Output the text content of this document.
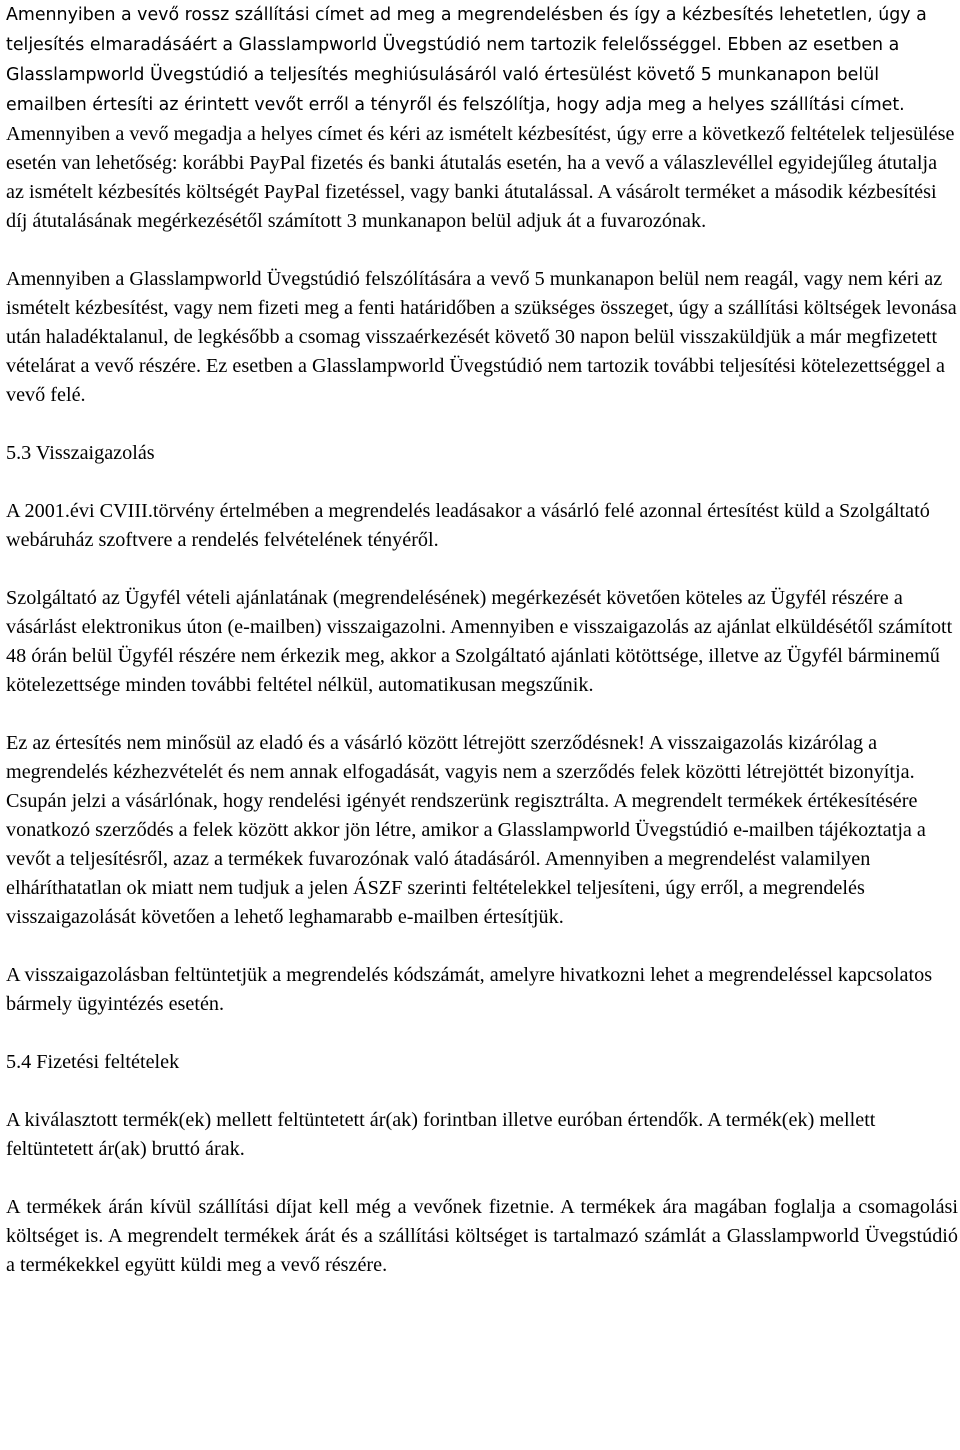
Amennyiben a vevő rossz szállítási címet ad meg a megrendelésben és így a kézbesítés lehetetlen, úgy a teljesítés elmaradásáért a Glasslampworld Üvegstúdió nem tartozik felelősséggel. Ebben az esetben a Glasslampworld Üvegstúdió a teljesítés meghiúsulásáról való értesülést követő 5 munkanapon belül emailben értesíti az érintett vevőt erről a tényről és felszólítja, hogy adja meg a helyes szállítási címet. Amennyiben a vevő megadja a helyes címet és kéri az ismételt kézbesítést, úgy erre a következő feltételek teljesülése esetén van lehetőség: korábbi PayPal fizetés és banki átutalás esetén, ha a vevő a válaszlevéllel egyidejűleg átutalja az ismételt kézbesítés költségét PayPal fizetéssel, vagy banki átutalással. A vásárolt terméket a második kézbesítési díj átutalásának megérkezésétől számított 3 munkanapon belül adjuk át a fuvarozónak.

Amennyiben a Glasslampworld Üvegstúdió felszólítására a vevő 5 munkanapon belül nem reagál, vagy nem kéri az ismételt kézbesítést, vagy nem fizeti meg a fenti határidőben a szükséges összeget, úgy a szállítási költségek levonása után haladéktalanul, de legkésőbb a csomag visszaérkezését követő 30 napon belül visszaküldjük a már megfizetett vételárat a vevő részére. Ez esetben a Glasslampworld Üvegstúdió nem tartozik további teljesítési kötelezettséggel a vevő felé.

5.3 Visszaigazolás

A 2001.évi CVIII.törvény értelmében a megrendelés leadásakor a vásárló felé azonnal értesítést küld a Szolgáltató webáruház szoftvere a rendelés felvételének tényéről.

Szolgáltató az Ügyfél vételi ajánlatának (megrendelésének) megérkezését követően köteles az Ügyfél részére a vásárlást elektronikus úton (e-mailben) visszaigazolni. Amennyiben e visszaigazolás az ajánlat elküldésétől számított 48 órán belül Ügyfél részére nem érkezik meg, akkor a Szolgáltató ajánlati kötöttsége, illetve az Ügyfél bárminemű kötelezettsége minden további feltétel nélkül, automatikusan megszűnik.

Ez az értesítés nem minősül az eladó és a vásárló között létrejött szerződésnek! A visszaigazolás kizárólag a megrendelés kézhezvételét és nem annak elfogadását, vagyis nem a szerződés felek közötti létrejöttét bizonyítja. Csupán jelzi a vásárlónak, hogy rendelési igényét rendszerünk regisztrálta. A megrendelt termékek értékesítésére vonatkozó szerződés a felek között akkor jön létre, amikor a Glasslampworld Üvegstúdió e-mailben tájékoztatja a vevőt a teljesítésről, azaz a termékek fuvarozónak való átadásáról. Amennyiben a megrendelést valamilyen elháríthatatlan ok miatt nem tudjuk a jelen ÁSZF szerinti feltételekkel teljesíteni, úgy erről, a megrendelés visszaigazolását követően a lehető leghamarabb e-mailben értesítjük.

A visszaigazolásban feltüntetjük a megrendelés kódszámát, amelyre hivatkozni lehet a megrendeléssel kapcsolatos bármely ügyintézés esetén.

5.4 Fizetési feltételek

A kiválasztott termék(ek) mellett feltüntetett ár(ak) forintban illetve euróban értendők. A termék(ek) mellett feltüntetett ár(ak) bruttó árak.

A termékek árán kívül szállítási díjat kell még a vevőnek fizetnie. A termékek ára magában foglalja a csomagolási költséget is. A megrendelt termékek árát és a szállítási költséget is tartalmazó számlát a Glasslampworld Üvegstúdió a termékekkel együtt küldi meg a vevő részére.
